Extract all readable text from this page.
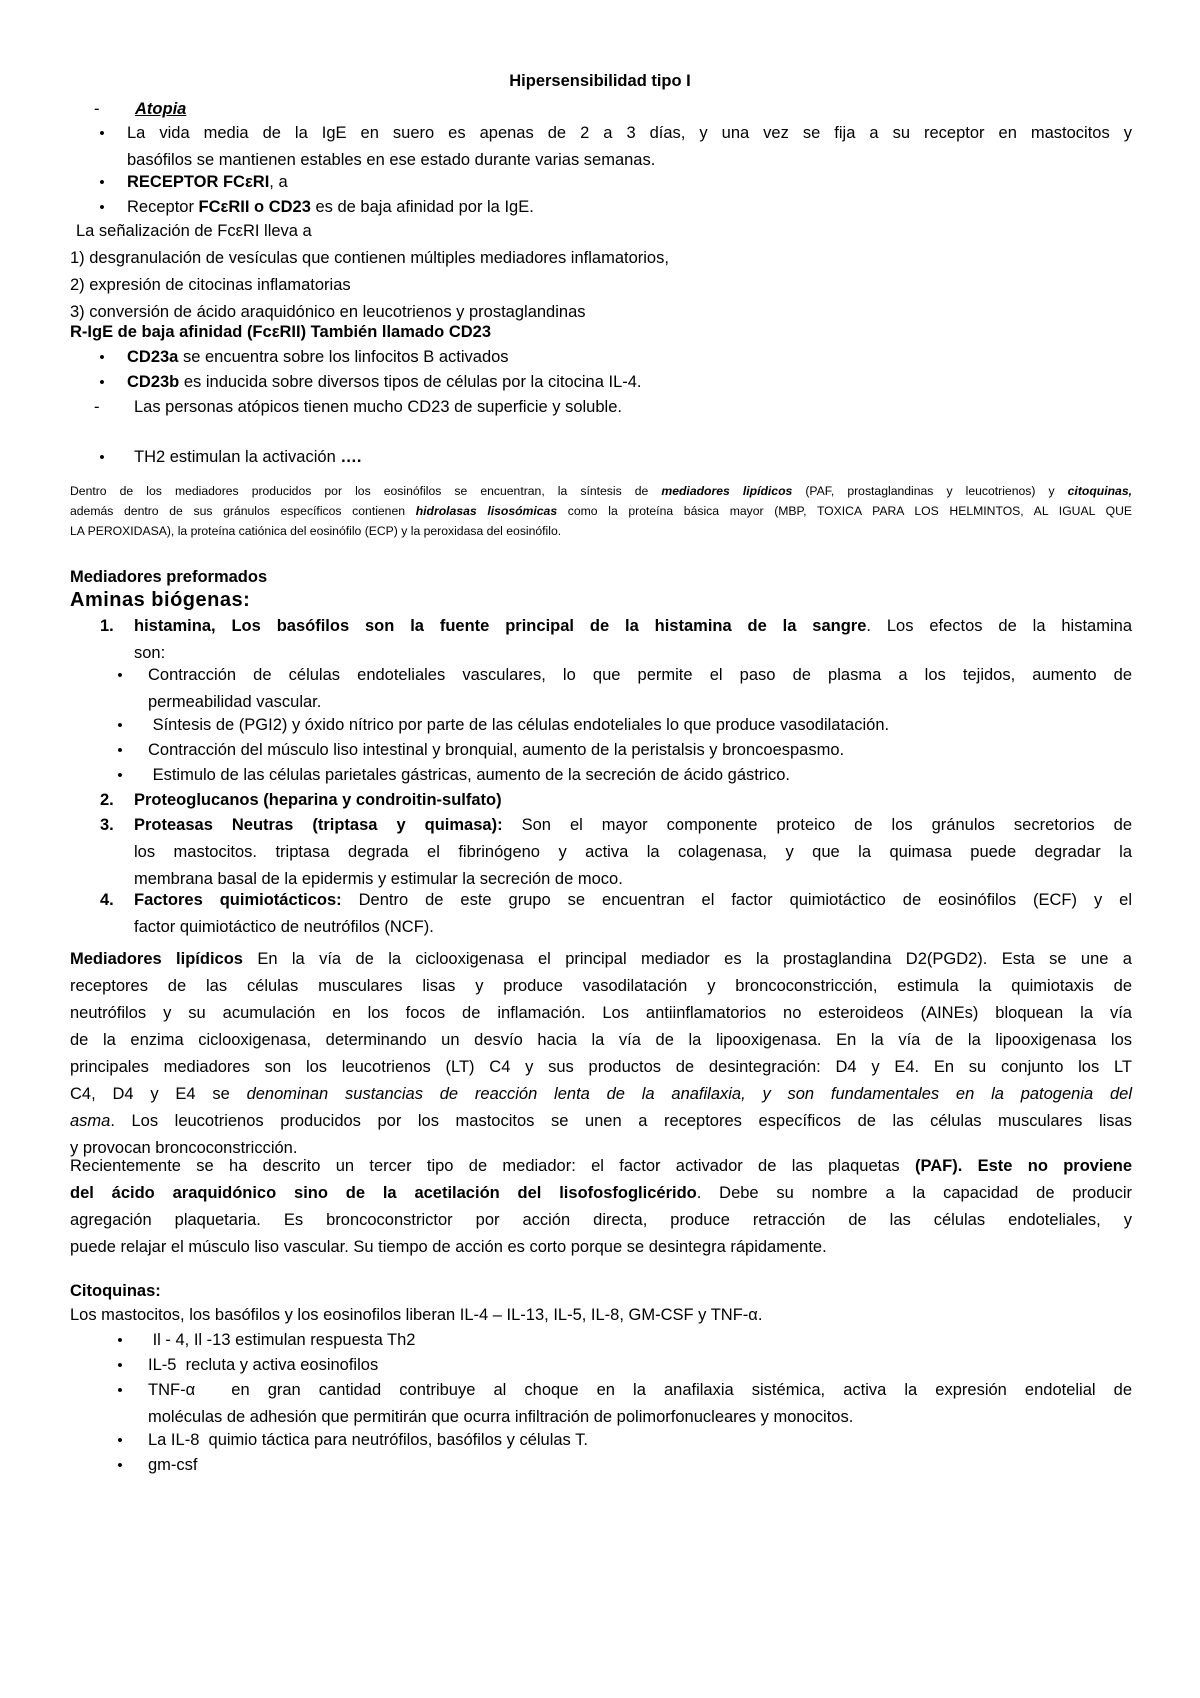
Hipersensibilidad tipo I
- Atopia
•	La vida media de la IgE en suero es apenas de 2 a 3 días, y una vez se fija a su receptor en mastocitos y
basófilos se mantienen estables en ese estado durante varias semanas.
•	RECEPTOR FCεRI, a
•	Receptor FCεRII o CD23 es de baja afinidad por la IgE.
La señalización de FcεRI lleva a
1) desgranulación de vesículas que contienen múltiples mediadores inflamatorios,
2) expresión de citocinas inflamatorias
3) conversión de ácido araquidónico en leucotrienos y prostaglandinas
R-IgE de baja afinidad (FcεRII) También llamado CD23
•	CD23a se encuentra sobre los linfocitos B activados
•	CD23b es inducida sobre diversos tipos de células por la citocina IL-4.
- Las personas atópicos tienen mucho CD23 de superficie y soluble.
•	TH2 estimulan la activación ….
Dentro de los mediadores producidos por los eosinófilos se encuentran, la síntesis de mediadores lipídicos (PAF, prostaglandinas y leucotrienos) y citoquinas,
además dentro de sus gránulos específicos contienen hidrolasas lisosómicas como la proteína básica mayor (MBP, TOXICA PARA LOS HELMINTOS, AL IGUAL QUE
LA PEROXIDASA), la proteína catiónica del eosinófilo (ECP) y la peroxidasa del eosinófilo.
Mediadores preformados
Aminas biógenas:
1. histamina, Los basófilos son la fuente principal de la histamina de la sangre. Los efectos de la histamina
son:
•	Contracción de células endoteliales vasculares, lo que permite el paso de plasma a los tejidos, aumento de
permeabilidad vascular.
•	Síntesis de (PGI2) y óxido nítrico por parte de las células endoteliales lo que produce vasodilatación.
•	Contracción del músculo liso intestinal y bronquial, aumento de la peristalsis y broncoespasmo.
•	Estimulo de las células parietales gástricas, aumento de la secreción de ácido gástrico.
2. Proteoglucanos (heparina y condroitin-sulfato)
3. Proteasas Neutras (triptasa y quimasa): Son el mayor componente proteico de los gránulos secretorios de
los mastocitos. triptasa degrada el fibrinógeno y activa la colagenasa, y que la quimasa puede degradar la
membrana basal de la epidermis y estimular la secreción de moco.
4. Factores quimiotácticos: Dentro de este grupo se encuentran el factor quimiotáctico de eosinófilos (ECF) y el
factor quimiotáctico de neutrófilos (NCF).
Mediadores lipídicos En la vía de la ciclooxigenasa el principal mediador es la prostaglandina D2(PGD2). Esta se une a
receptores de las células musculares lisas y produce vasodilatación y broncoconstricción, estimula la quimiotaxis de
neutrófilos y su acumulación en los focos de inflamación. Los antiinflamatorios no esteroideos (AINEs) bloquean la vía
de la enzima ciclooxigenasa, determinando un desvío hacia la vía de la lipooxigenasa. En la vía de la lipooxigenasa los
principales mediadores son los leucotrienos (LT) C4 y sus productos de desintegración: D4 y E4. En su conjunto los LT
C4, D4 y E4 se denominan sustancias de reacción lenta de la anafilaxia, y son fundamentales en la patogenia del
asma. Los leucotrienos producidos por los mastocitos se unen a receptores específicos de las células musculares lisas
y provocan broncoconstricción.
Recientemente se ha descrito un tercer tipo de mediador: el factor activador de las plaquetas (PAF). Este no proviene
del ácido araquidónico sino de la acetilación del lisofosfoglicérido. Debe su nombre a la capacidad de producir
agregación plaquetaria. Es broncoconstrictor por acción directa, produce retracción de las células endoteliales, y
puede relajar el músculo liso vascular. Su tiempo de acción es corto porque se desintegra rápidamente.
Citoquinas:
Los mastocitos, los basófilos y los eosinofilos liberan IL-4 – IL-13, IL-5, IL-8, GM-CSF y TNF-α.
•	Il - 4, Il -13 estimulan respuesta Th2
•	IL-5  recluta y activa eosinofilos
•	TNF-α  en gran cantidad contribuye al choque en la anafilaxia sistémica, activa la expresión endotelial de
moléculas de adhesión que permitirán que ocurra infiltración de polimorfonucleares y monocitos.
•	La IL-8  quimio táctica para neutrófilos, basófilos y células T.
•	gm-csf
